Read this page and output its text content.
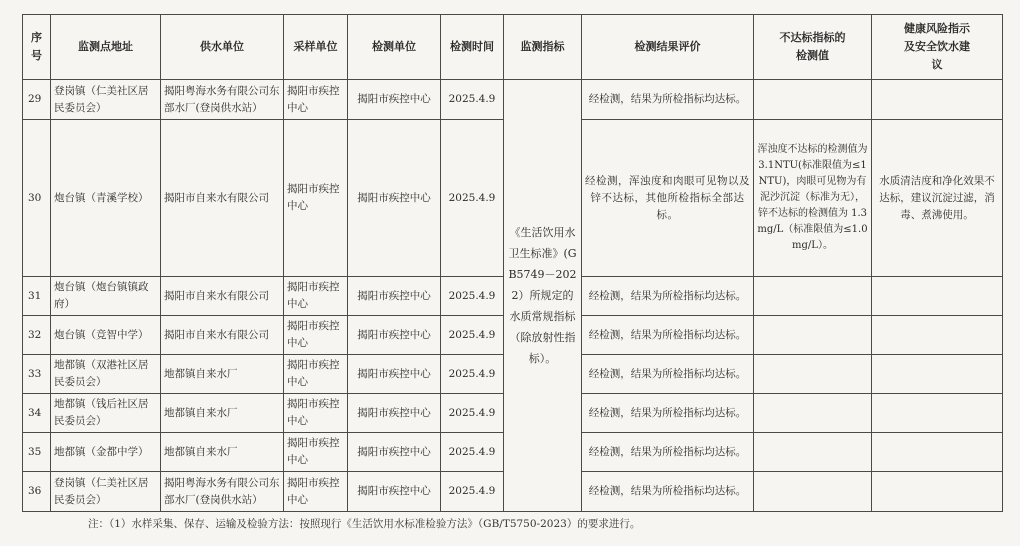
序号	监测点地址	供水单位	采样单位	检测单位	检测时间	监测指标	检测结果评价	不达标指标的检测值	健康风险指示及安全饮水建议
29	登岗镇（仁美社区居民委员会）	揭阳粤海水务有限公司东部水厂(登岗供水站）	揭阳市疾控中心	揭阳市疾控中心	2025.4.9	《生活饮用水卫生标准》(GB5749－2022）所规定的水质常规指标（除放射性指标）。	经检测，结果为所检指标均达标。		
30	炮台镇（青溪学校）	揭阳市自来水有限公司	揭阳市疾控中心	揭阳市疾控中心	2025.4.9		经检测，浑浊度和肉眼可见物以及锌不达标，其他所检指标全部达标。	浑浊度不达标的检测值为 3.1NTU(标准限值为≤1NTU)，肉眼可见物为有泥沙沉淀（标准为无），锌不达标的检测值为 1.3mg/L（标准限值为≤1.0mg/L）。	水质清洁度和净化效果不达标，建议沉淀过滤，消毒、煮沸使用。
31	炮台镇（炮台镇镇政府）	揭阳市自来水有限公司	揭阳市疾控中心	揭阳市疾控中心	2025.4.9		经检测，结果为所检指标均达标。		
32	炮台镇（竞智中学）	揭阳市自来水有限公司	揭阳市疾控中心	揭阳市疾控中心	2025.4.9		经检测，结果为所检指标均达标。		
33	地都镇（双港社区居民委员会）	地都镇自来水厂	揭阳市疾控中心	揭阳市疾控中心	2025.4.9		经检测，结果为所检指标均达标。		
34	地都镇（钱后社区居民委员会）	地都镇自来水厂	揭阳市疾控中心	揭阳市疾控中心	2025.4.9		经检测，结果为所检指标均达标。		
35	地都镇（金都中学）	地都镇自来水厂	揭阳市疾控中心	揭阳市疾控中心	2025.4.9		经检测，结果为所检指标均达标。		
36	登岗镇（仁美社区居民委员会）	揭阳粤海水务有限公司东部水厂(登岗供水站）	揭阳市疾控中心	揭阳市疾控中心	2025.4.9		经检测，结果为所检指标均达标。		
注：（1）水样采集、保存、运输及检验方法：按照现行《生活饮用水标准检验方法》（GB/T5750-2023）的要求进行。
